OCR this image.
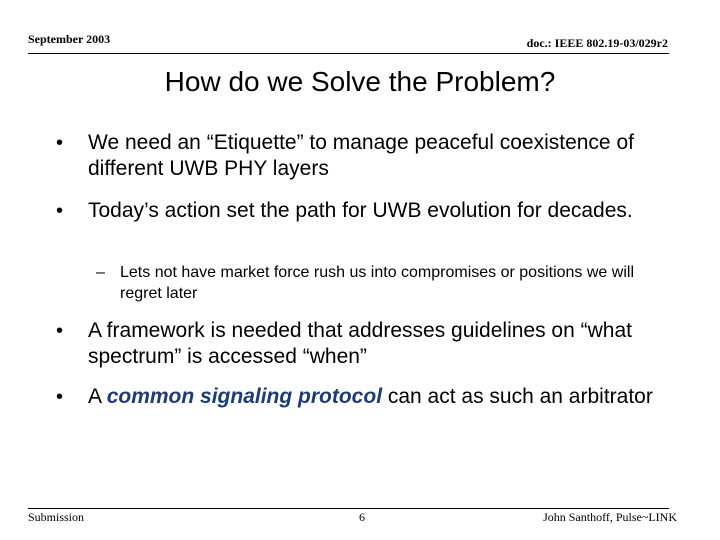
September 2003	doc.: IEEE 802.19-03/029r2
How do we Solve the Problem?
• We need an “Etiquette” to manage peaceful coexistence of different UWB PHY layers
• Today’s action set the path for UWB evolution for decades.
– Lets not have market force rush us into compromises or positions we will regret later
• A framework is needed that addresses guidelines on “what spectrum” is accessed “when”
• A common signaling protocol can act as such an arbitrator
Submission	6	John Santhoff, Pulse~LINK
